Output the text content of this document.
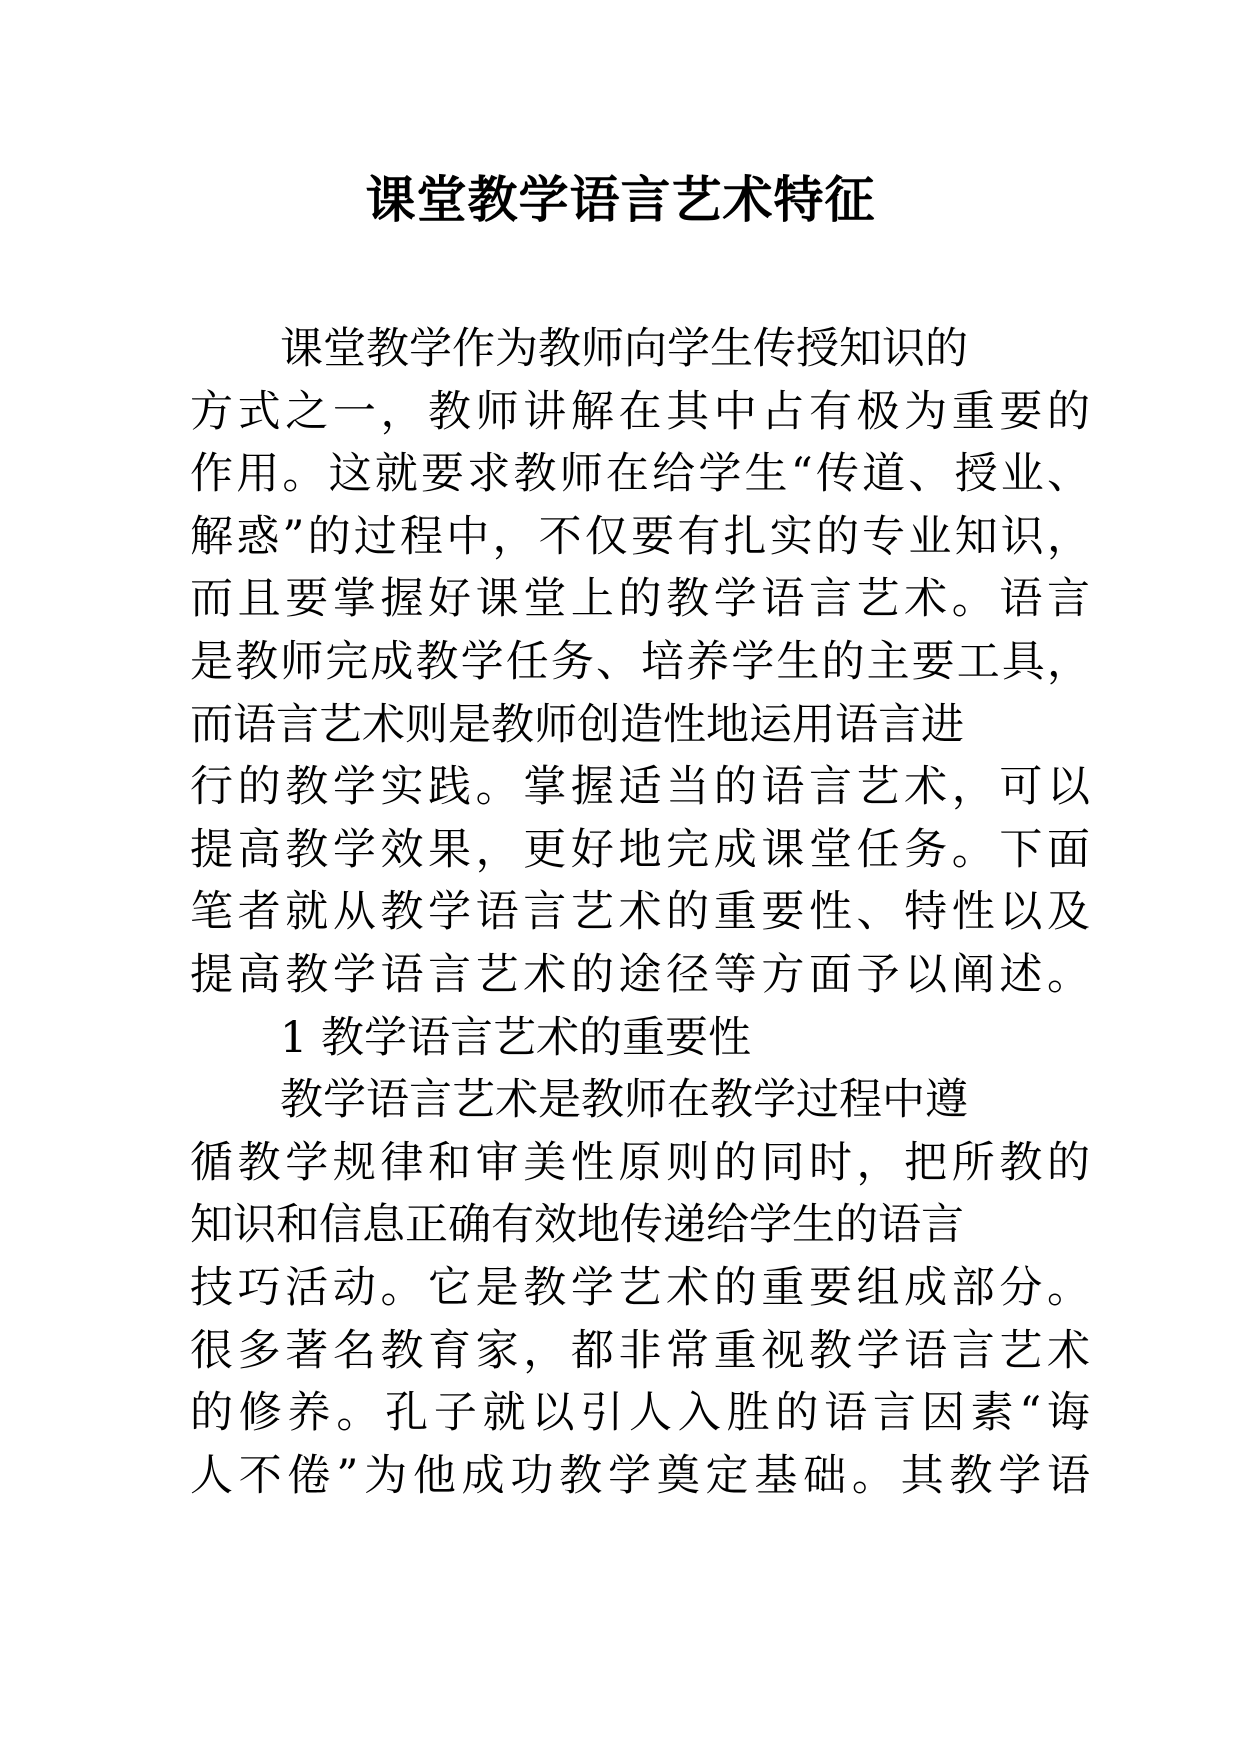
课堂教学语言艺术特征
课堂教学作为教师向学生传授知识的
方式之一，教师讲解在其中占有极为重要的
作用。这就要求教师在给学生“传道、授业、
解惑”的过程中，不仅要有扎实的专业知识，
而且要掌握好课堂上的教学语言艺术。语言
是教师完成教学任务、培养学生的主要工具，
而语言艺术则是教师创造性地运用语言进
行的教学实践。掌握适当的语言艺术，可以
提高教学效果，更好地完成课堂任务。下面
笔者就从教学语言艺术的重要性、特性以及
提高教学语言艺术的途径等方面予以阐述。
1 教学语言艺术的重要性
教学语言艺术是教师在教学过程中遵
循教学规律和审美性原则的同时，把所教的
知识和信息正确有效地传递给学生的语言
技巧活动。它是教学艺术的重要组成部分。
很多著名教育家，都非常重视教学语言艺术
的修养。孔子就以引人入胜的语言因素“诲
人不倦”为他成功教学奠定基础。其教学语
